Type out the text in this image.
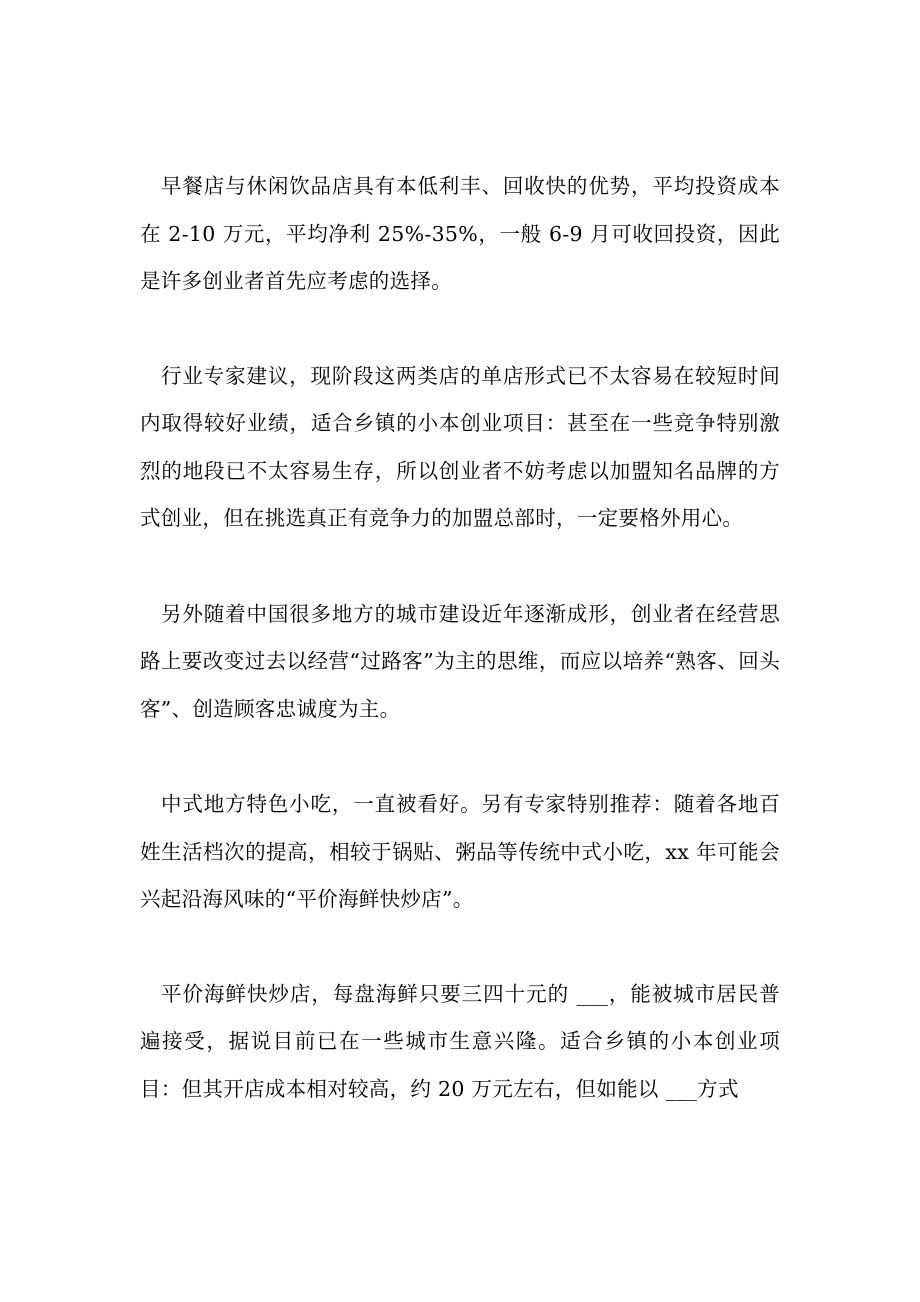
早餐店与休闲饮品店具有本低利丰、回收快的优势，平均投资成本在 2-10 万元，平均净利 25%-35%，一般 6-9 月可收回投资，因此是许多创业者首先应考虑的选择。

行业专家建议，现阶段这两类店的单店形式已不太容易在较短时间内取得较好业绩，适合乡镇的小本创业项目：甚至在一些竞争特别激烈的地段已不太容易生存，所以创业者不妨考虑以加盟知名品牌的方式创业，但在挑选真正有竞争力的加盟总部时，一定要格外用心。

另外随着中国很多地方的城市建设近年逐渐成形，创业者在经营思路上要改变过去以经营“过路客”为主的思维，而应以培养“熟客、回头客”、创造顾客忠诚度为主。

中式地方特色小吃，一直被看好。另有专家特别推荐：随着各地百姓生活档次的提高，相较于锅贴、粥品等传统中式小吃，xx 年可能会兴起沿海风味的“平价海鲜快炒店”。

平价海鲜快炒店，每盘海鲜只要三四十元的 ___，能被城市居民普遍接受，据说目前已在一些城市生意兴隆。适合乡镇的小本创业项目：但其开店成本相对较高，约 20 万元左右，但如能以 ___方式
